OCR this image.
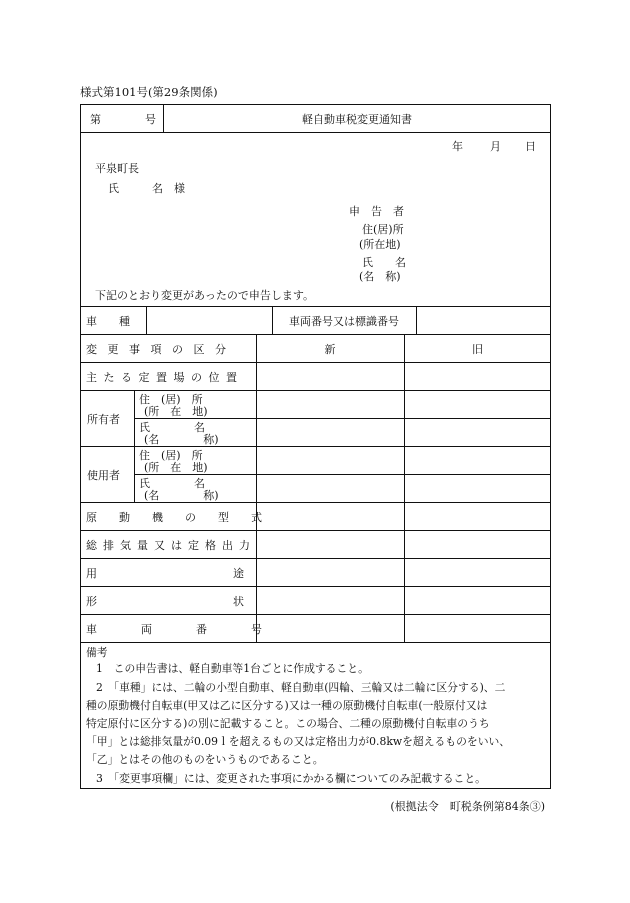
様式第101号(第29条関係)
第　　　　号	軽自動車税変更通知書
年 月 日
平泉町長
氏　　　名　様
申　告　者
住(居)所
(所在地)
氏　　名
(名　称)
下記のとおり変更があったので申告します。
車　　種	車両番号又は標識番号
変更事項の区分	新	旧
主たる定置場の位置
所有者
住　(居)　所
(所　在　地)
氏　　　　名
(名　　　　称)
使用者
住　(居)　所
(所　在　地)
氏　　　　名
(名　　　　称)
原動機の型式
総排気量又は定格出力
用途
形状
車両番号

備考

1　この申告書は、軽自動車等1台ごとに作成すること。

2　「車種」には、二輪の小型自動車、軽自動車(四輪、三輪又は二輪に区分する)、二

種の原動機付自転車(甲又は乙に区分する)又は一種の原動機付自転車(一般原付又は

特定原付に区分する)の別に記載すること。この場合、二種の原動機付自転車のうち

「甲」とは総排気量が0.09ｌを超えるもの又は定格出力が0.8kwを超えるものをいい、

「乙」とはその他のものをいうものであること。

3　「変更事項欄」には、変更された事項にかかる欄についてのみ記載すること。

(根拠法令　町税条例第84条③)
